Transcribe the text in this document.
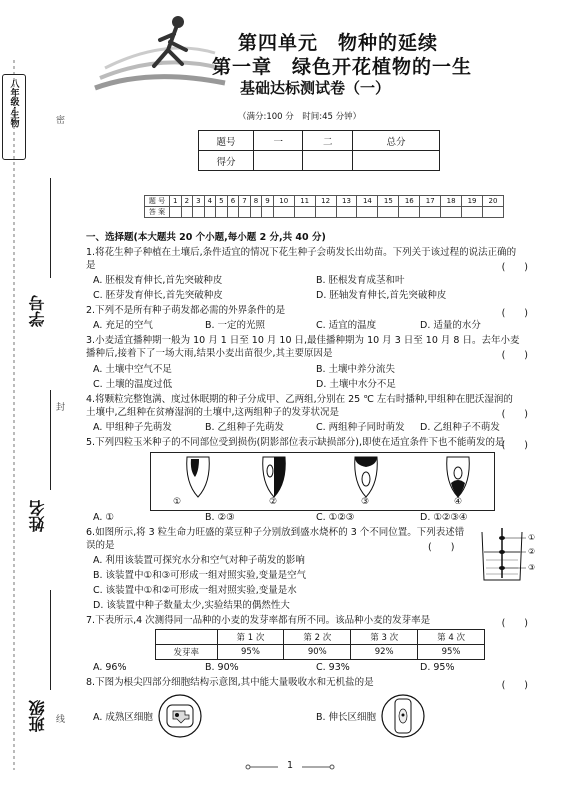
八年级·生物	密
封
线
学号
姓名
班级
第四单元　物种的延续
第一章　绿色开花植物的一生
基础达标测试卷（一）
（满分:100 分　时间:45 分钟）
题号	一	二	总分
得分			
题 号	1	2	3	4	5	6	7	8	9	10	11	12	13	14	15	16	17	18	19	20
答 案																				
一、选择题(本大题共 20 个小题,每小题 2 分,共 40 分)
1.将花生种子种植在土壤后,条件适宜的情况下花生种子会萌发长出幼苗。下列关于该过程的说法正确的是	(　　)
A. 胚根发育伸长,首先突破种皮	B. 胚根发育成茎和叶
C. 胚芽发育伸长,首先突破种皮	D. 胚轴发育伸长,首先突破种皮
2.下列不是所有种子萌发都必需的外界条件的是	(　　)
A. 充足的空气	B. 一定的光照	C. 适宜的温度	D. 适量的水分
3.小麦适宜播种期一般为 10 月 1 日至 10 月 10 日,最佳播种期为 10 月 3 日至 10 月 8 日。去年小麦播种后,接着下了一场大雨,结果小麦出苗很少,其主要原因是	(　　)
A. 土壤中空气不足	B. 土壤中养分流失
C. 土壤的温度过低	D. 土壤中水分不足
4.将颗粒完整饱满、度过休眠期的种子分成甲、乙两组,分别在 25 ℃ 左右时播种,甲组种在肥沃湿润的土壤中,乙组种在贫瘠湿润的土壤中,这两组种子的发芽状况是	(　　)
A. 甲组种子先萌发	B. 乙组种子先萌发	C. 两组种子同时萌发 D. 乙组种子不萌发
5.下列四粒玉米种子的不同部位受到损伤(阴影部位表示缺损部分),即使在适宜条件下也不能萌发的是
(　　)
①	②	③	④
A. ①	B. ②③	C. ①②③	D. ①②③④
6.如图所示,将 3 粒生命力旺盛的菜豆种子分别放到盛水烧杯的 3 个不同位置。下列表述错误的是	(　　)
①
②
③
A. 利用该装置可探究水分和空气对种子萌发的影响
B. 该装置中①和③可形成一组对照实验,变量是空气
C. 该装置中①和②可形成一组对照实验,变量是水
D. 该装置中种子数量太少,实验结果的偶然性大
7.下表所示,4 次测得同一品种的小麦的发芽率都有所不同。该品种小麦的发芽率是	(　　)
	第 1 次	第 2 次	第 3 次	第 4 次
发芽率	95%	90%	92%	95%
A. 96%	B. 90%	C. 93%	D. 95%
8.下图为根尖四部分细胞结构示意图,其中能大量吸收水和无机盐的是	(　　)
A. 成熟区细胞	B. 伸长区细胞
1
